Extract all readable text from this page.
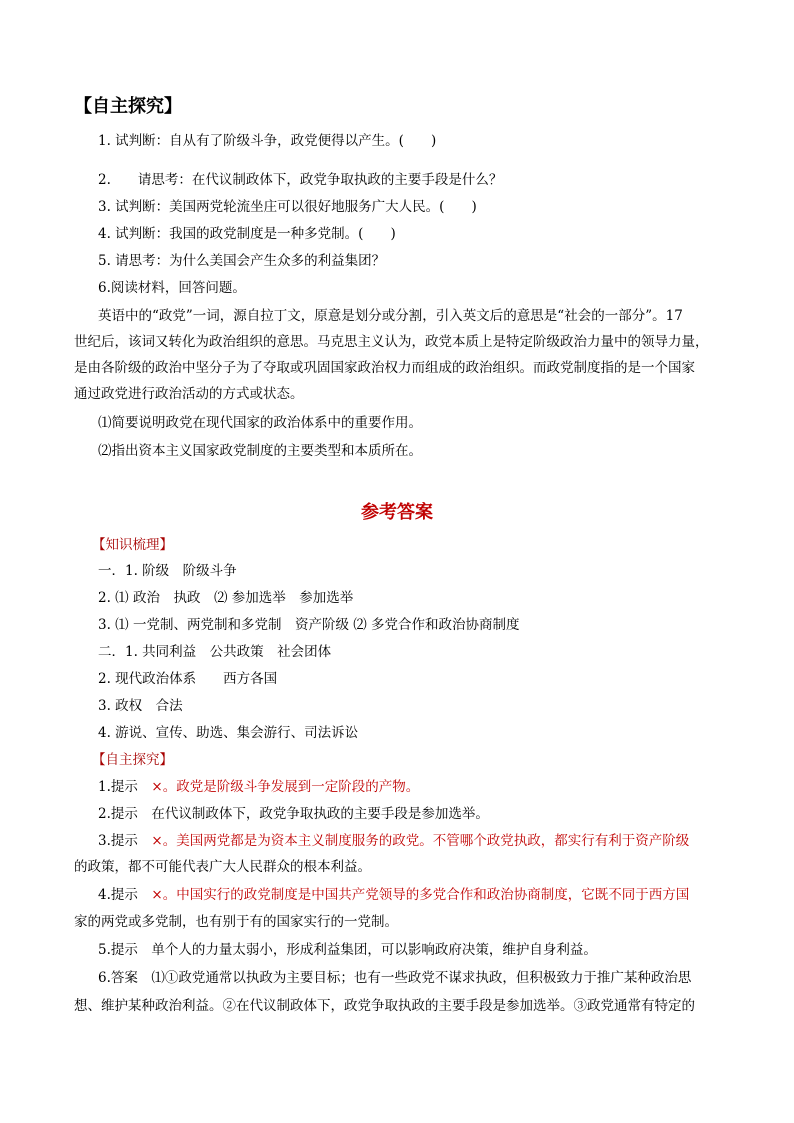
【自主探究】
1. 试判断：自从有了阶级斗争，政党便得以产生。(　　)
2.　　请思考：在代议制政体下，政党争取执政的主要手段是什么？
3. 试判断：美国两党轮流坐庄可以很好地服务广大人民。(　　)
4. 试判断：我国的政党制度是一种多党制。(　　)
5. 请思考：为什么美国会产生众多的利益集团？
6.阅读材料，回答问题。
英语中的“政党”一词，源自拉丁文，原意是划分或分割，引入英文后的意思是“社会的一部分”。17
世纪后，该词又转化为政治组织的意思。马克思主义认为，政党本质上是特定阶级政治力量中的领导力量，
是由各阶级的政治中坚分子为了夺取或巩固国家政治权力而组成的政治组织。而政党制度指的是一个国家
通过政党进行政治活动的方式或状态。
⑴简要说明政党在现代国家的政治体系中的重要作用。
⑵指出资本主义国家政党制度的主要类型和本质所在。
参考答案
【知识梳理】
一．1. 阶级　阶级斗争
2. ⑴ 政治　执政　⑵ 参加选举　参加选举
3. ⑴ 一党制、两党制和多党制　资产阶级 ⑵ 多党合作和政治协商制度
二．1. 共同利益　公共政策　社会团体
2. 现代政治体系　　西方各国
3. 政权　合法
4. 游说、宣传、助选、集会游行、司法诉讼
【自主探究】
1.提示　×。政党是阶级斗争发展到一定阶段的产物。
2.提示　在代议制政体下，政党争取执政的主要手段是参加选举。
3.提示　×。美国两党都是为资本主义制度服务的政党。不管哪个政党执政，都实行有利于资产阶级
的政策，都不可能代表广大人民群众的根本利益。
4.提示　×。中国实行的政党制度是中国共产党领导的多党合作和政治协商制度，它既不同于西方国
家的两党或多党制，也有别于有的国家实行的一党制。
5.提示　单个人的力量太弱小，形成利益集团，可以影响政府决策，维护自身利益。
6.答案　⑴①政党通常以执政为主要目标；也有一些政党不谋求执政，但积极致力于推广某种政治思
想、维护某种政治利益。②在代议制政体下，政党争取执政的主要手段是参加选举。③政党通常有特定的
